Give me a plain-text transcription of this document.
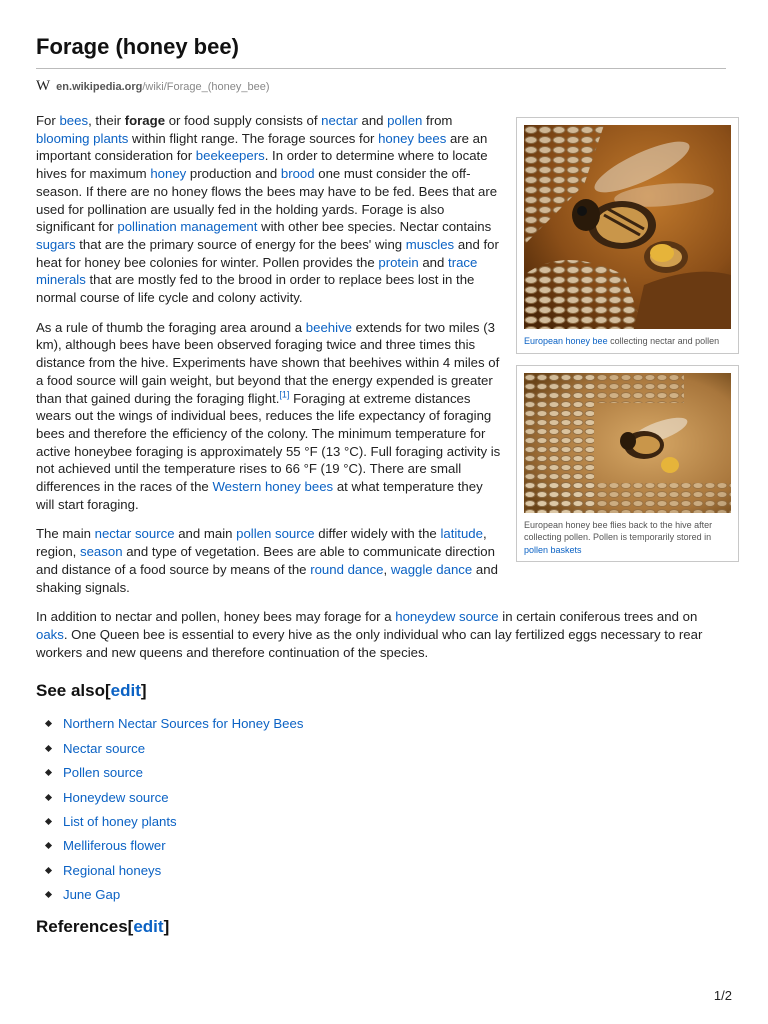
Forage (honey bee)
W en.wikipedia.org /wiki/Forage_(honey_bee)
European honey bee collecting nectar and pollen

For bees, their forage or food supply consists of nectar and pollen from blooming plants within flight range. The forage sources for honey bees are an important consideration for beekeepers. In order to determine where to locate hives for maximum honey production and brood one must consider the off-season. If there are no honey flows the bees may have to be fed. Bees that are used for pollination are usually fed in the holding yards. Forage is also significant for pollination management with other bee species. Nectar contains sugars that are the primary source of energy for the bees' wing muscles and for heat for honey bee colonies for winter. Pollen provides the protein and trace minerals that are mostly fed to the brood in order to replace bees lost in the normal course of life cycle and colony activity.

European honey bee flies back to the hive after collecting pollen. Pollen is temporarily stored in pollen baskets

As a rule of thumb the foraging area around a beehive extends for two miles (3 km), although bees have been observed foraging twice and three times this distance from the hive. Experiments have shown that beehives within 4 miles of a food source will gain weight, but beyond that the energy expended is greater than that gained during the foraging flight.[1] Foraging at extreme distances wears out the wings of individual bees, reduces the life expectancy of foraging bees and therefore the efficiency of the colony. The minimum temperature for active honeybee foraging is approximately 55 °F (13 °C). Full foraging activity is not achieved until the temperature rises to 66 °F (19 °C). There are small differences in the races of the Western honey bees at what temperature they will start foraging.

The main nectar source and main pollen source differ widely with the latitude, region, season and type of vegetation. Bees are able to communicate direction and distance of a food source by means of the round dance, waggle dance and shaking signals.

In addition to nectar and pollen, honey bees may forage for a honeydew source in certain coniferous trees and on oaks. One Queen bee is essential to every hive as the only individual who can lay fertilized eggs necessary to rear workers and new queens and therefore continuation of the species.

See also[edit]
Northern Nectar Sources for Honey Bees
Nectar source
Pollen source
Honeydew source
List of honey plants
Melliferous flower
Regional honeys
June Gap
References[edit]
1/2
